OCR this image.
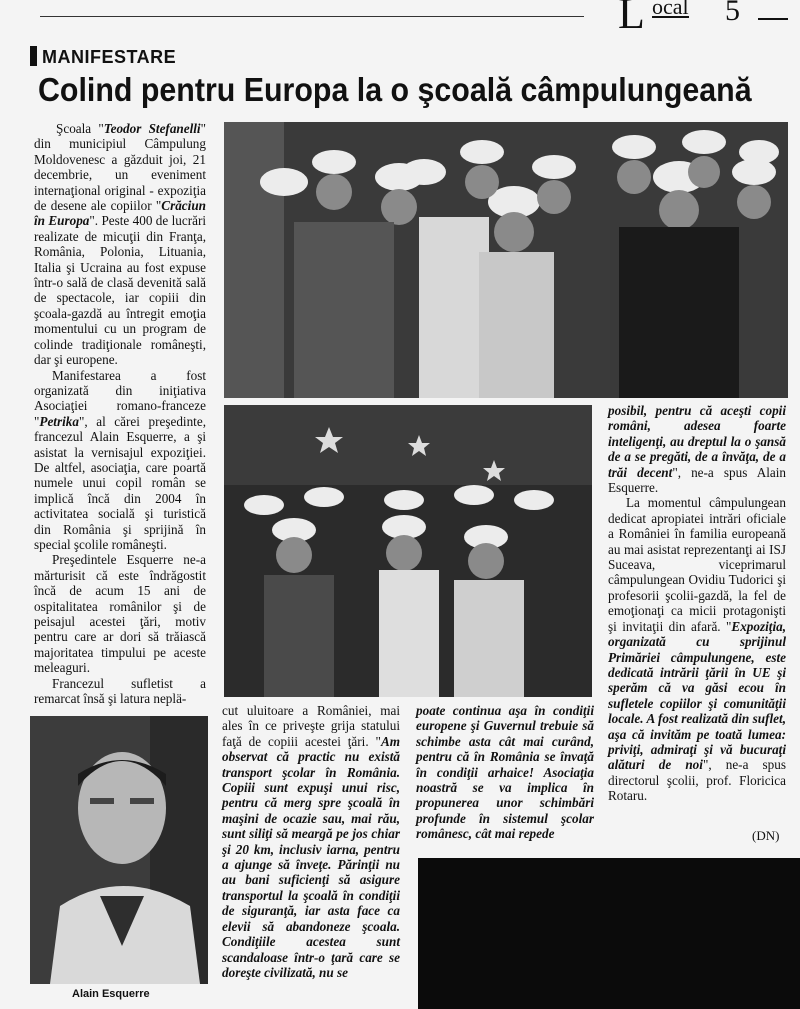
L ocal 5
MANIFESTARE
Colind pentru Europa la o şcoală câmpulungeană

Şcoala "Teodor Stefanelli" din municipiul Câmpulung Moldovenesc a găzduit joi, 21 decembrie, un eveniment internaţional original - expoziţia de desene ale copiilor "Crăciun în Europa". Peste 400 de lucrări realizate de micuţii din Franţa, România, Polonia, Lituania, Italia şi Ucraina au fost expuse într-o sală de clasă devenită sală de spectacole, iar copiii din şcoala-gazdă au întregit emoţia momentului cu un program de colinde tradiţionale româneşti, dar şi europene.

Manifestarea a fost organizată din iniţiativa Asociaţiei romano-franceze "Petrika", al cărei preşedinte, francezul Alain Esquerre, a şi asistat la vernisajul expoziţiei. De altfel, asociaţia, care poartă numele unui copil român se implică încă din 2004 în activitatea socială şi turistică din România şi sprijină în special şcolile româneşti.

Preşedintele Esquerre ne-a mărturisit că este îndrăgostit încă de acum 15 ani de ospitalitatea românilor şi de peisajul acestei ţări, motiv pentru care ar dori să trăiască majoritatea timpului pe aceste meleaguri.

Francezul sufletist a remarcat însă şi latura neplä-

Alain Esquerre

cut uluitoare a României, mai ales în ce priveşte grija statului faţă de copiii acestei ţări. "Am observat că practic nu există transport şcolar în România. Copiii sunt expuşi unui risc, pentru că merg spre şcoală în maşini de ocazie sau, mai rău, sunt siliţi să meargă pe jos chiar şi 20 km, inclusiv iarna, pentru a ajunge să înveţe. Părinţii nu au bani suficienţi să asigure transportul la şcoală în condiţii de siguranţă, iar asta face ca elevii să abandoneze şcoala. Condiţiile acestea sunt scandaloase într-o ţară care se doreşte civilizată, nu se

poate continua aşa în condiţii europene şi Guvernul trebuie să schimbe asta cât mai curând, pentru că în România se învaţă în condiţii arhaice! Asociaţia noastră se va implica în propunerea unor schimbări profunde în sistemul şcolar românesc, cât mai repede

posibil, pentru că aceşti copii români, adesea foarte inteligenţi, au dreptul la o şansă de a se pregăti, de a învăţa, de a trăi decent", ne-a spus Alain Esquerre.

La momentul câmpulungean dedicat apropiatei intrări oficiale a României în familia europeană au mai asistat reprezentanţi ai ISJ Suceava, viceprimarul câmpulungean Ovidiu Tudorici şi profesorii şcolii-gazdă, la fel de emoţionaţi ca micii protagonişti şi invitaţii din afară. "Expoziţia, organizată cu sprijinul Primăriei câmpulungene, este dedicată intrării ţării în UE şi sperăm că va găsi ecou în sufletele copiilor şi comunităţii locale. A fost realizată din suflet, aşa că invităm pe toată lumea: priviţi, admiraţi şi vă bucuraţi alături de noi", ne-a spus directorul şcolii, prof. Floricica Rotaru.

(DN)
